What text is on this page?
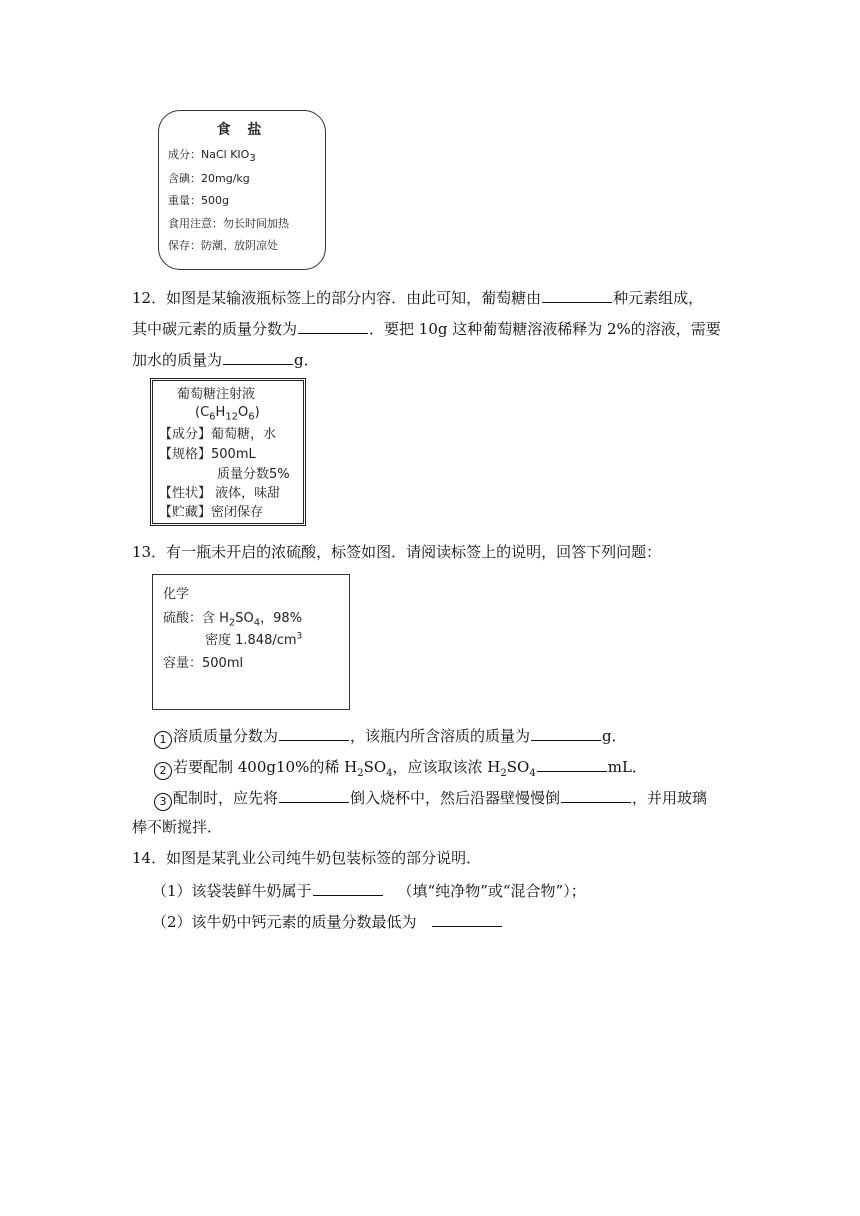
食 盐
成分：NaCl $KIO_3$
含碘：20mg/kg
重量：500g
食用注意：勿长时间加热
保存：防潮、放阴凉处
12．如图是某输液瓶标签上的部分内容．由此可知，葡萄糖由	种元素组成，
其中碳元素的质量分数为	．要把 10g 这种葡萄糖溶液稀释为 2%的溶液，需要
加水的质量为	g．
葡萄糖注射液
$(C_6H_{12}O_6)$
【成分】葡萄糖，水
【规格】500mL
质量分数5%
【性状】 液体，味甜
【贮藏】密闭保存
13．有一瓶未开启的浓硫酸，标签如图．请阅读标签上的说明，回答下列问题：
化学
硫酸：含 $H_2SO_4$，98%
密度 $1.848/cm^3$
容量：500ml
1 溶质质量分数为	，该瓶内所含溶质的质量为	g．
2 若要配制 400g10%的稀 $H_2SO_4$，应该取该浓 $H_2SO_4$	mL．
3 配制时，应先将	倒入烧杯中，然后沿器壁慢慢倒	，并用玻璃
棒不断搅拌．
14．如图是某乳业公司纯牛奶包装标签的部分说明．
（1）该袋装鲜牛奶属于	（填“纯净物”或“混合物”）；
（2）该牛奶中钙元素的质量分数最低为
